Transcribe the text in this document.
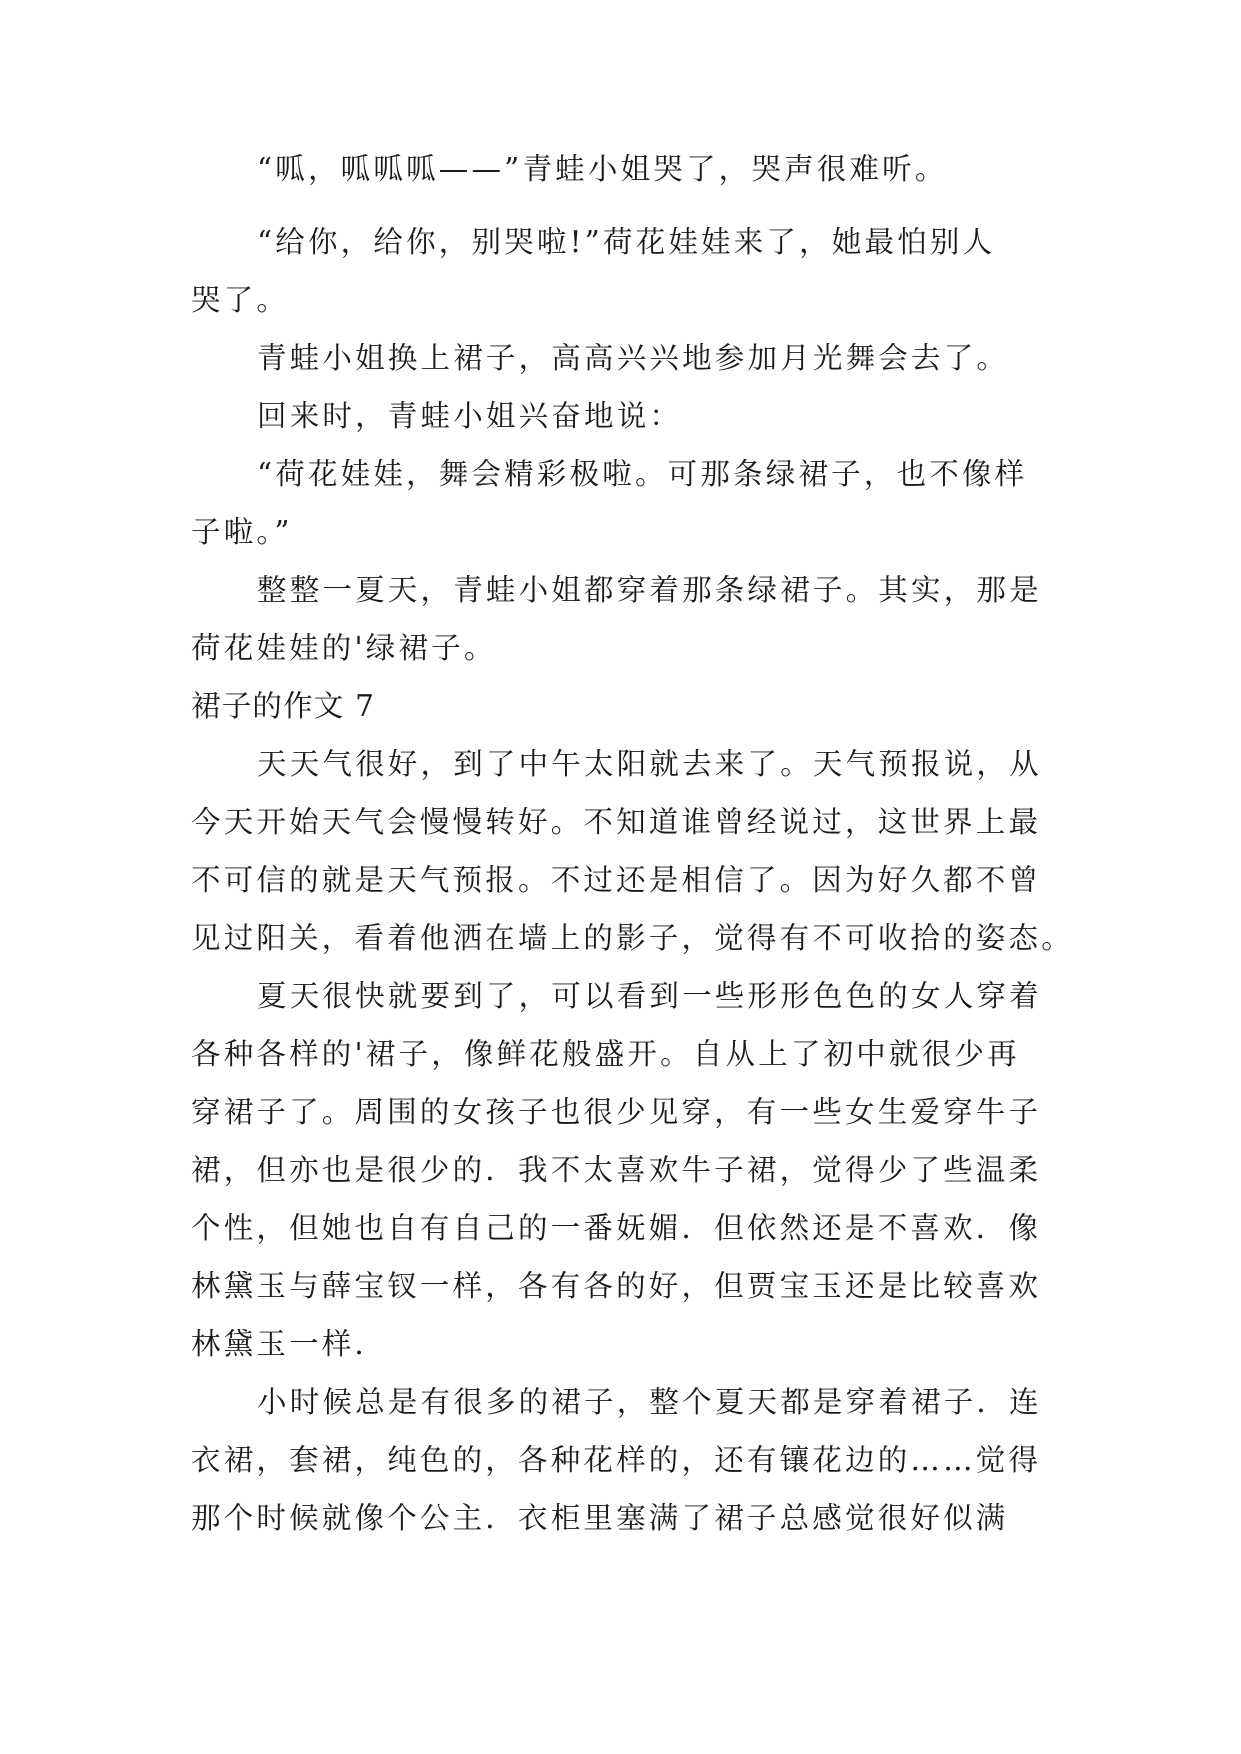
“呱，呱呱呱——”青蛙小姐哭了，哭声很难听。
“给你，给你，别哭啦!”荷花娃娃来了，她最怕别人
哭了。
青蛙小姐换上裙子，高高兴兴地参加月光舞会去了。
回来时，青蛙小姐兴奋地说：
“荷花娃娃，舞会精彩极啦。可那条绿裙子，也不像样
子啦。”
整整一夏天，青蛙小姐都穿着那条绿裙子。其实，那是
荷花娃娃的'绿裙子。
裙子的作文 7
天天气很好，到了中午太阳就去来了。天气预报说，从
今天开始天气会慢慢转好。不知道谁曾经说过，这世界上最
不可信的就是天气预报。不过还是相信了。因为好久都不曾
见过阳关，看着他洒在墙上的影子，觉得有不可收拾的姿态。
夏天很快就要到了，可以看到一些形形色色的女人穿着
各种各样的'裙子，像鲜花般盛开。自从上了初中就很少再
穿裙子了。周围的女孩子也很少见穿，有一些女生爱穿牛子
裙，但亦也是很少的．我不太喜欢牛子裙，觉得少了些温柔
个性，但她也自有自己的一番妩媚．但依然还是不喜欢．像
林黛玉与薛宝钗一样，各有各的好，但贾宝玉还是比较喜欢
林黛玉一样．
小时候总是有很多的裙子，整个夏天都是穿着裙子．连
衣裙，套裙，纯色的，各种花样的，还有镶花边的……觉得
那个时候就像个公主．衣柜里塞满了裙子总感觉很好似满
